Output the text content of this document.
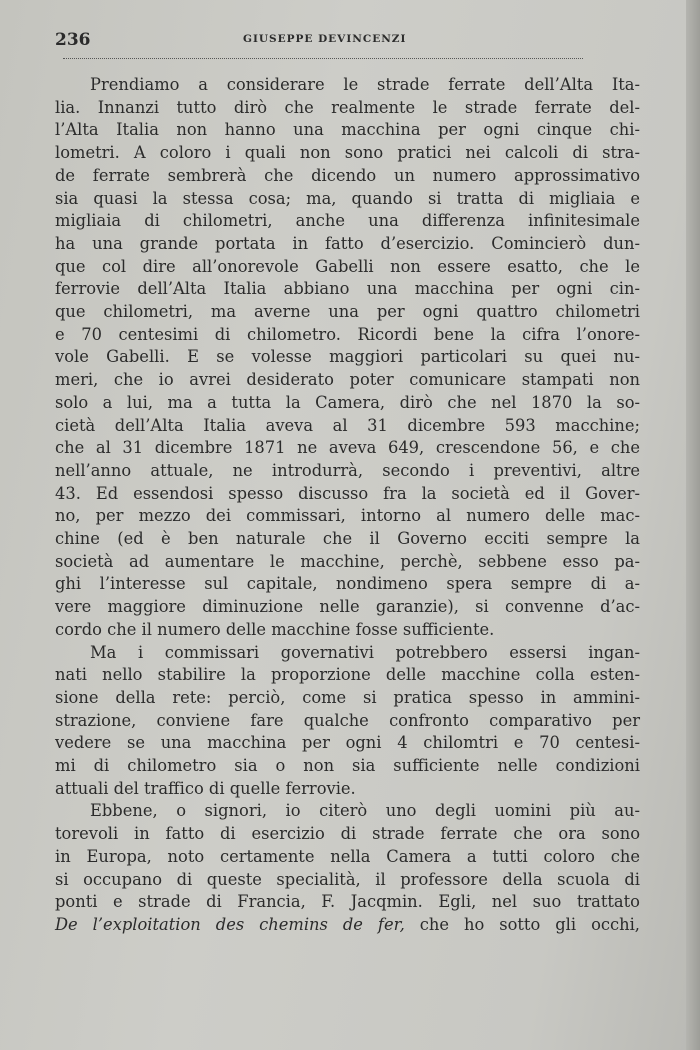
236	GIUSEPPE DEVINCENZI
Prendiamo a considerare le strade ferrate dell’Alta Ita-
lia. Innanzi tutto dirò che realmente le strade ferrate del-
l’Alta Italia non hanno una macchina per ogni cinque chi-
lometri. A coloro i quali non sono pratici nei calcoli di stra-
de ferrate sembrerà che dicendo un numero approssimativo
sia quasi la stessa cosa; ma, quando si tratta di migliaia e
migliaia di chilometri, anche una differenza infinitesimale
ha una grande portata in fatto d’esercizio. Comincierò dun-
que col dire all’onorevole Gabelli non essere esatto, che le
ferrovie dell’Alta Italia abbiano una macchina per ogni cin-
que chilometri, ma averne una per ogni quattro chilometri
e 70 centesimi di chilometro. Ricordi bene la cifra l’onore-
vole Gabelli. E se volesse maggiori particolari su quei nu-
meri, che io avrei desiderato poter comunicare stampati non
solo a lui, ma a tutta la Camera, dirò che nel 1870 la so-
cietà dell’Alta Italia aveva al 31 dicembre 593 macchine;
che al 31 dicembre 1871 ne aveva 649, crescendone 56, e che
nell’anno attuale, ne introdurrà, secondo i preventivi, altre
43. Ed essendosi spesso discusso fra la società ed il Gover-
no, per mezzo dei commissari, intorno al numero delle mac-
chine (ed è ben naturale che il Governo ecciti sempre la
società ad aumentare le macchine, perchè, sebbene esso pa-
ghi l’interesse sul capitale, nondimeno spera sempre di a-
vere maggiore diminuzione nelle garanzie), si convenne d’ac-
cordo che il numero delle macchine fosse sufficiente.
Ma i commissari governativi potrebbero essersi ingan-
nati nello stabilire la proporzione delle macchine colla esten-
sione della rete: perciò, come si pratica spesso in ammini-
strazione, conviene fare qualche confronto comparativo per
vedere se una macchina per ogni 4 chilomtri e 70 centesi-
mi di chilometro sia o non sia sufficiente nelle condizioni
attuali del traffico di quelle ferrovie.
Ebbene, o signori, io citerò uno degli uomini più au-
torevoli in fatto di esercizio di strade ferrate che ora sono
in Europa, noto certamente nella Camera a tutti coloro che
si occupano di queste specialità, il professore della scuola di
ponti e strade di Francia, F. Jacqmin. Egli, nel suo trattato
De l’exploitation des chemins de fer, che ho sotto gli occhi,
